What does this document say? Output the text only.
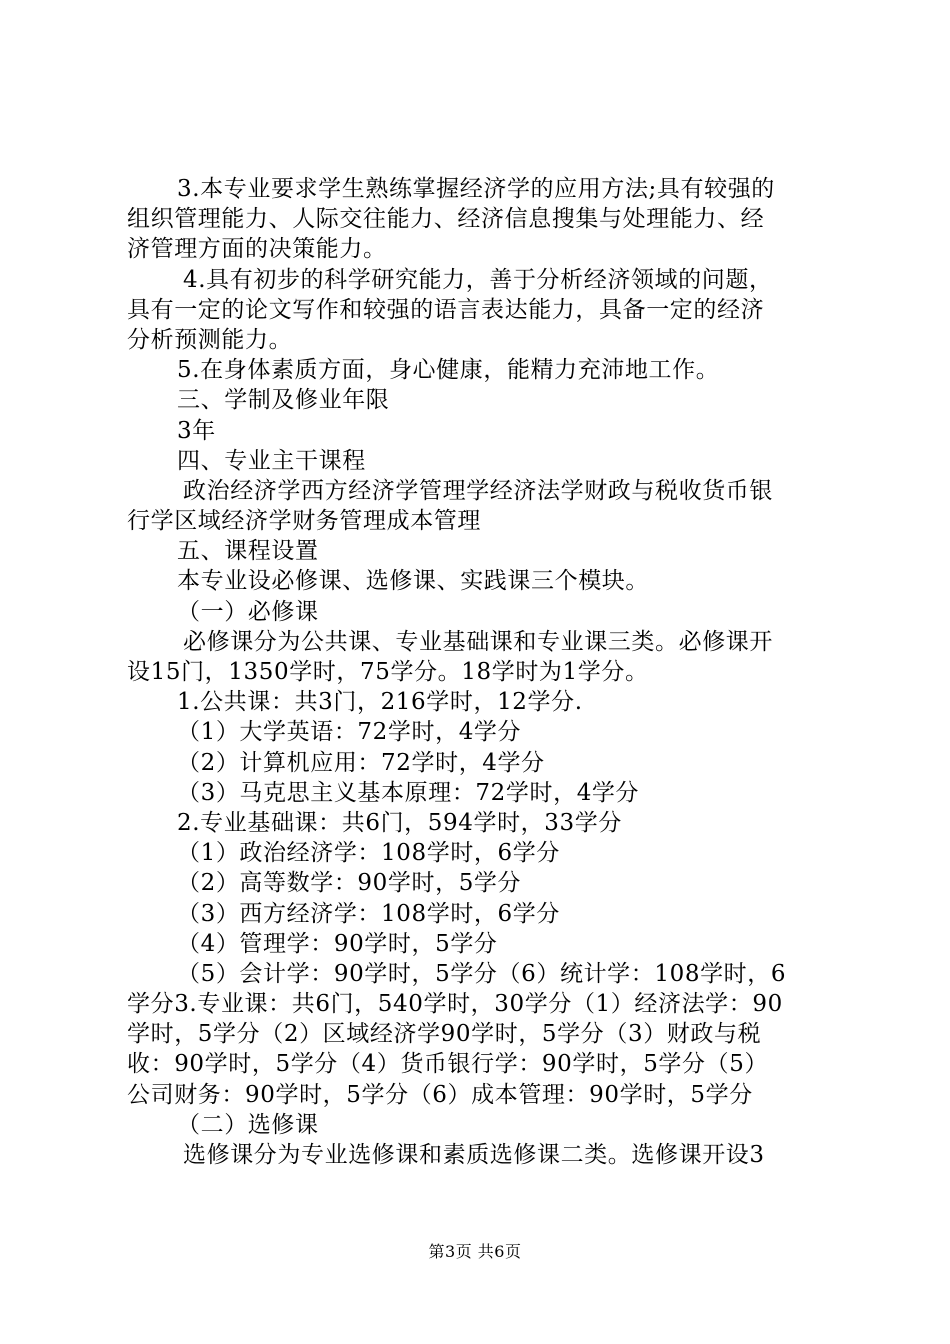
3.本专业要求学生熟练掌握经济学的应用方法;具有较强的
组织管理能力、人际交往能力、经济信息搜集与处理能力、经
济管理方面的决策能力。
4.具有初步的科学研究能力，善于分析经济领域的问题，
具有一定的论文写作和较强的语言表达能力，具备一定的经济
分析预测能力。
5.在身体素质方面，身心健康，能精力充沛地工作。
三、学制及修业年限
3年
四、专业主干课程
政治经济学西方经济学管理学经济法学财政与税收货币银
行学区域经济学财务管理成本管理
五、课程设置
本专业设必修课、选修课、实践课三个模块。
（一）必修课
必修课分为公共课、专业基础课和专业课三类。必修课开
设15门，1350学时，75学分。18学时为1学分。
1.公共课：共3门，216学时，12学分.
（1）大学英语：72学时，4学分
（2）计算机应用：72学时，4学分
（3）马克思主义基本原理：72学时，4学分
2.专业基础课：共6门，594学时，33学分
（1）政治经济学：108学时，6学分
（2）高等数学：90学时，5学分
（3）西方经济学：108学时，6学分
（4）管理学：90学时，5学分
（5）会计学：90学时，5学分（6）统计学：108学时，6
学分3.专业课：共6门，540学时，30学分（1）经济法学：90
学时，5学分（2）区域经济学90学时，5学分（3）财政与税
收：90学时，5学分（4）货币银行学：90学时，5学分（5）
公司财务：90学时，5学分（6）成本管理：90学时，5学分
（二）选修课
选修课分为专业选修课和素质选修课二类。选修课开设3
第3页 共6页
